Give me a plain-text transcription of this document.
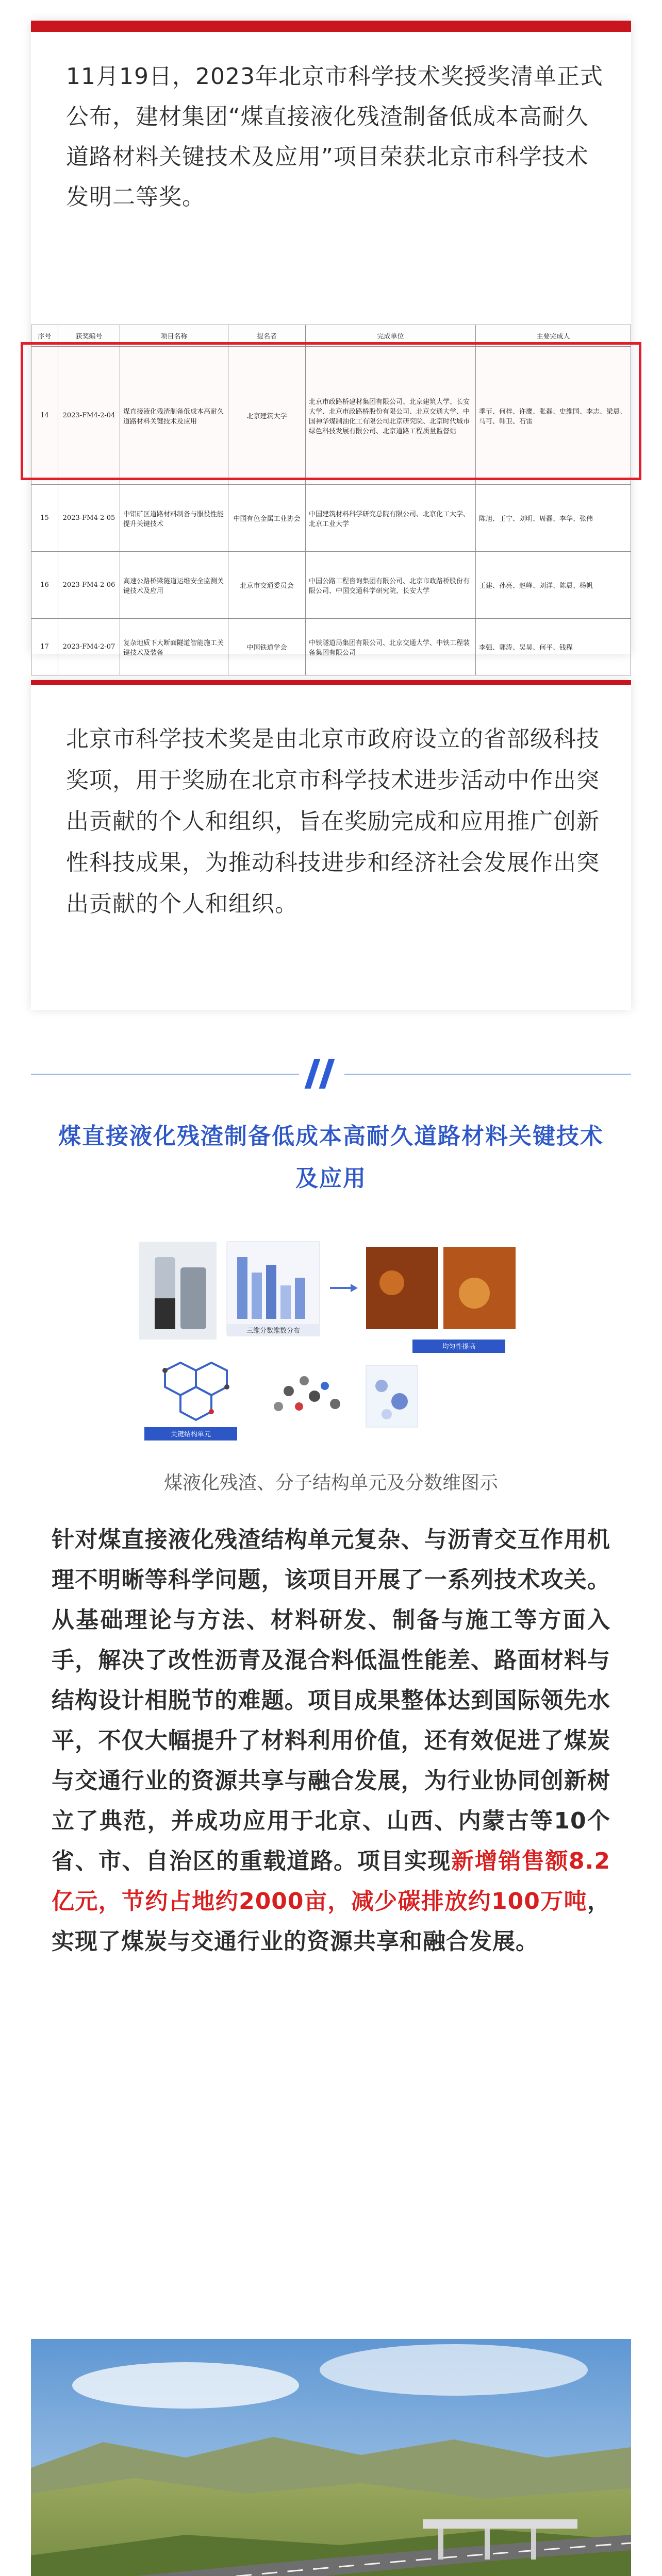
11月19日，2023年北京市科学技术奖授奖清单正式公布，建材集团“煤直接液化残渣制备低成本高耐久道路材料关键技术及应用”项目荣获北京市科学技术发明二等奖。
序号	获奖编号	项目名称	提名者	完成单位	主要完成人
14	2023-FM4-2-04	煤直接液化残渣制备低成本高耐久道路材料关键技术及应用	北京建筑大学	北京市政路桥建材集团有限公司、北京建筑大学、长安大学、北京市政路桥股份有限公司、北京交通大学、中国神华煤制油化工有限公司北京研究院、北京时代城市绿色科技发展有限公司、北京道路工程质量监督站	季节、何梓、许鹰、张磊、史维国、李志、梁晨、马可、韩卫、石雷
15	2023-FM4-2-05	中铝矿区道路材料制备与服役性能提升关键技术	中国有色金属工业协会	中国建筑材料科学研究总院有限公司、北京化工大学、北京工业大学	陈旭、王宁、刘明、周磊、李华、张伟
16	2023-FM4-2-06	高速公路桥梁隧道运维安全监测关键技术及应用	北京市交通委员会	中国公路工程咨询集团有限公司、北京市政路桥股份有限公司、中国交通科学研究院、长安大学	王建、孙亮、赵峰、刘洋、陈晨、杨帆
17	2023-FM4-2-07	复杂地质下大断面隧道智能施工关键技术及装备	中国铁道学会	中铁隧道局集团有限公司、北京交通大学、中铁工程装备集团有限公司	李强、郭涛、吴昊、何平、钱程
北京市科学技术奖是由北京市政府设立的省部级科技奖项，用于奖励在北京市科学技术进步活动中作出突出贡献的个人和组织，旨在奖励完成和应用推广创新性科技成果，为推动科技进步和经济社会发展作出突出贡献的个人和组织。
煤直接液化残渣制备低成本高耐久道路材料关键技术及应用
三维分数维数分布
均匀性提高
关键结构单元
煤液化残渣、分子结构单元及分数维图示
针对煤直接液化残渣结构单元复杂、与沥青交互作用机理不明晰等科学问题，该项目开展了一系列技术攻关。从基础理论与方法、材料研发、制备与施工等方面入手，解决了改性沥青及混合料低温性能差、路面材料与结构设计相脱节的难题。项目成果整体达到国际领先水平，不仅大幅提升了材料利用价值，还有效促进了煤炭与交通行业的资源共享与融合发展，为行业协同创新树立了典范，并成功应用于北京、山西、内蒙古等10个省、市、自治区的重载道路。项目实现新增销售额8.2亿元，节约占地约2000亩，减少碳排放约100万吨，实现了煤炭与交通行业的资源共享和融合发展。
